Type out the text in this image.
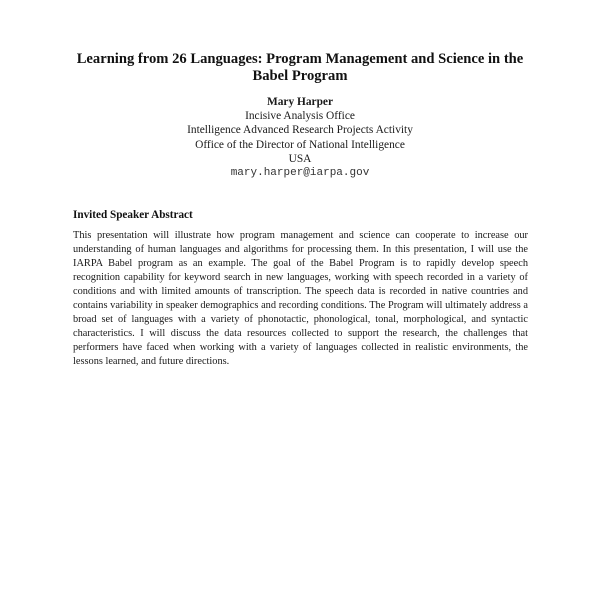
Learning from 26 Languages: Program Management and Science in the Babel Program
Mary Harper
Incisive Analysis Office
Intelligence Advanced Research Projects Activity
Office of the Director of National Intelligence
USA
mary.harper@iarpa.gov
Invited Speaker Abstract

This presentation will illustrate how program management and science can cooperate to increase our understanding of human languages and algorithms for processing them. In this presentation, I will use the IARPA Babel program as an example. The goal of the Babel Program is to rapidly develop speech recognition capability for keyword search in new languages, working with speech recorded in a variety of conditions and with limited amounts of transcription. The speech data is recorded in native countries and contains variability in speaker demographics and recording conditions. The Program will ultimately address a broad set of languages with a variety of phonotactic, phonological, tonal, morphological, and syntactic characteristics. I will discuss the data resources collected to support the research, the challenges that performers have faced when working with a variety of languages collected in realistic environments, the lessons learned, and future directions.
